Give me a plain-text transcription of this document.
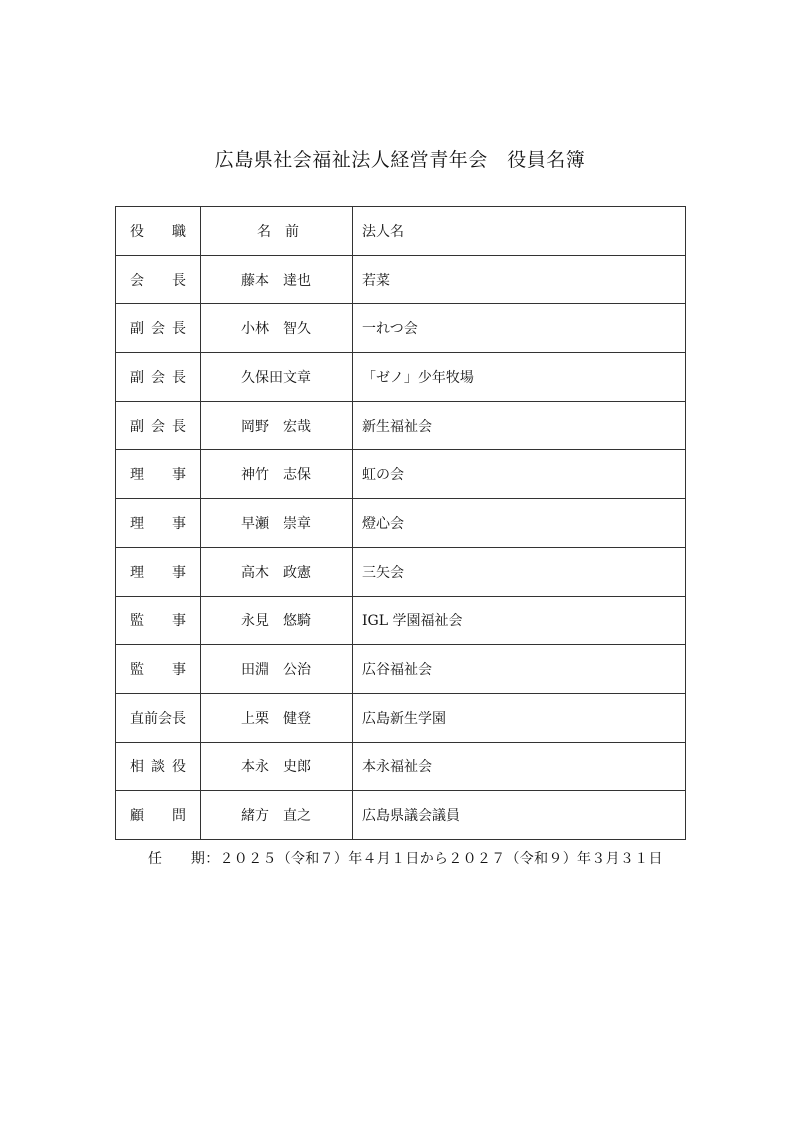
広島県社会福祉法人経営青年会　役員名簿
役 職	名　前	法人名

会 長	藤本　達也	若菜

副 会 長	小林　智久	一れつ会

副 会 長	久保田文章	「ゼノ」少年牧場

副 会 長	岡野　宏哉	新生福祉会

理 事	神竹　志保	虹の会

理 事	早瀬　崇章	燈心会

理 事	高木　政憲	三矢会

監 事	永見　悠騎	IGL 学園福祉会

監 事	田淵　公治	広谷福祉会

直前会長	上栗　健登	広島新生学園

相 談 役	本永　史郎	本永福祉会

顧 問	緒方　直之	広島県議会議員
任　　期：２０２５（令和７）年４月１日から２０２７（令和９）年３月３１日
